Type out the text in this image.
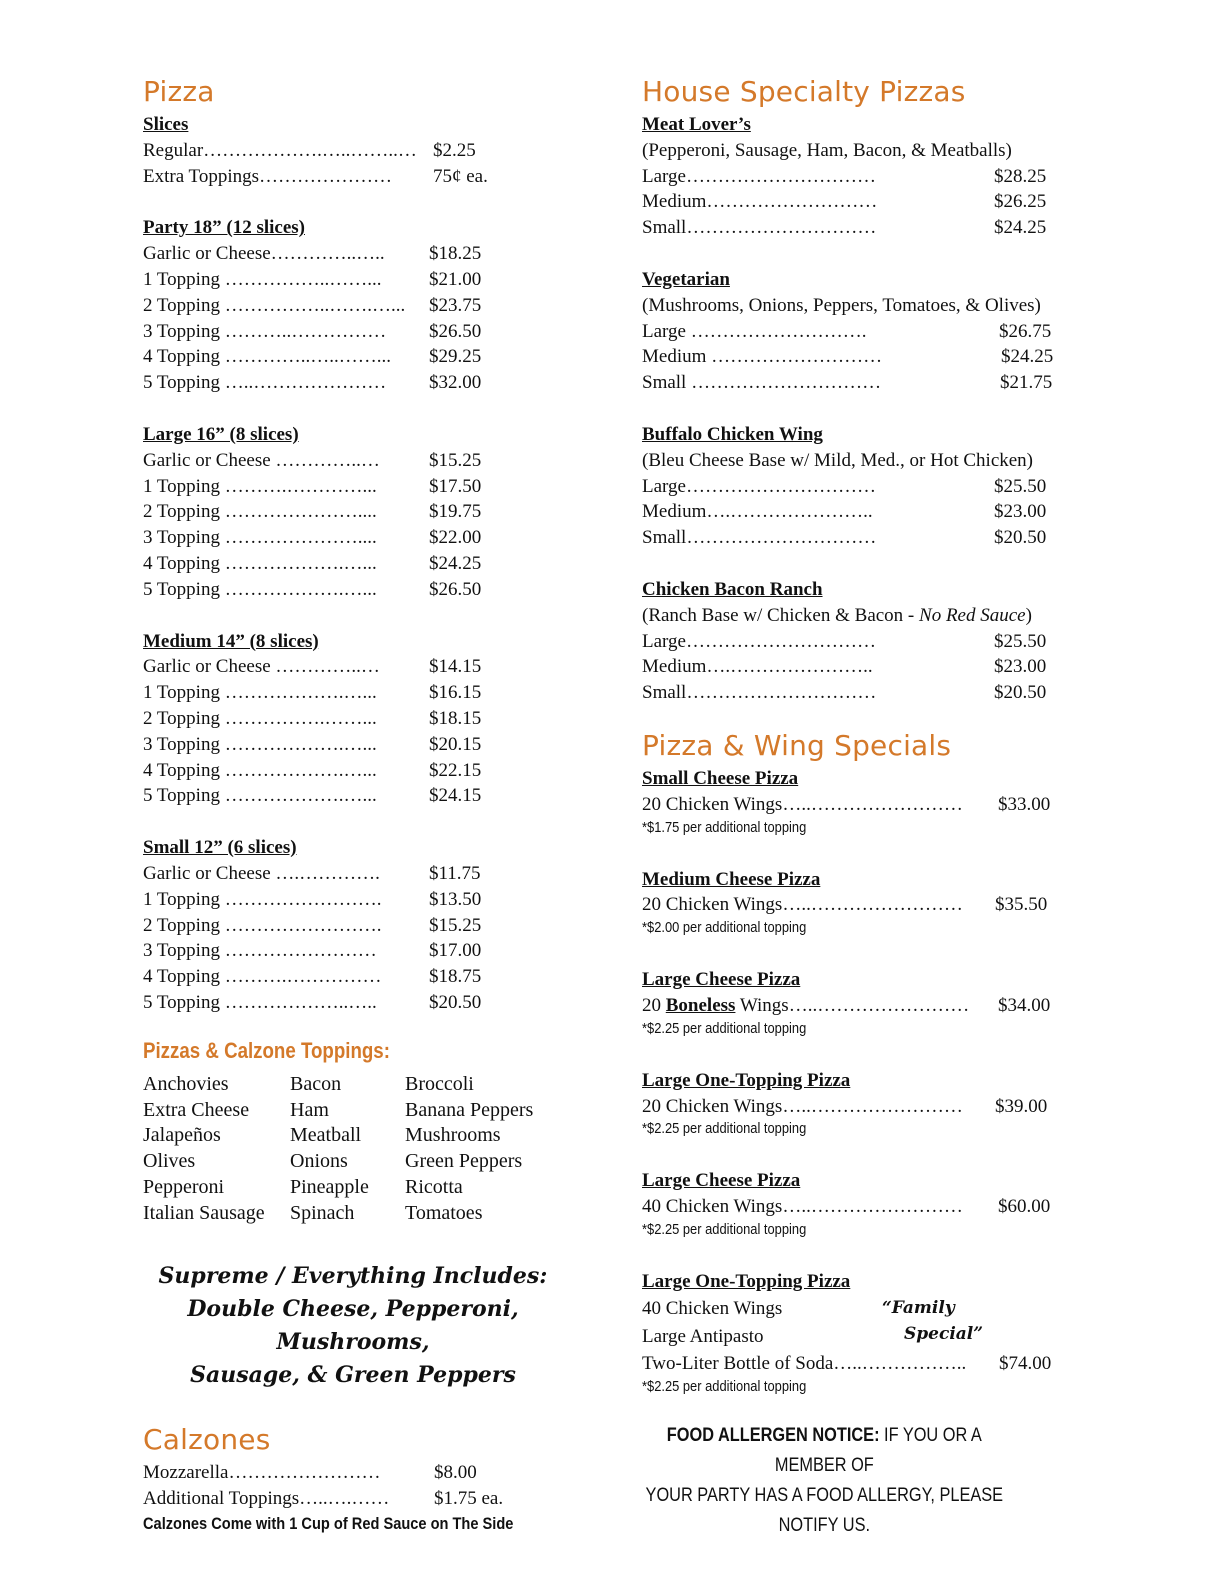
Pizza
Slices
Regular……………….…..……..… $2.25
Extra Toppings………………… 75¢ ea.
Party 18” (12 slices)
Garlic or Cheese…………..….. $18.25
1 Topping ……………..……...	$21.00
2 Topping ……………..…….…... $23.75
3 Topping ………..…………… $26.50
4 Topping …………..…..……... $29.25
5 Topping …..………………… $32.00
Large 16” (8 slices)
Garlic or Cheese …………..…	$15.25
1 Topping ……….…………...	$17.50
2 Topping …………………....	$19.75
3 Topping …………………....	$22.00
4 Topping ……………….…...	$24.25
5 Topping ……………….…...	$26.50
Medium 14” (8 slices)
Garlic or Cheese …………..…	$14.15
1 Topping ……………….…...	$16.15
2 Topping …………….……...	$18.15
3 Topping ……………….…...	$20.15
4 Topping ……………….…...	$22.15
5 Topping ……………….…...	$24.15
Small 12” (6 slices)
Garlic or Cheese ….………….	$11.75
1 Topping …………………….	$13.50
2 Topping …………………….	$15.25
3 Topping ……………………	$17.00
4 Topping ……….……………	$18.75
5 Topping ………………..…..	$20.50
Pizzas & Calzone Toppings:
Anchovies	Bacon	Broccoli
Extra Cheese	Ham	Banana Peppers
Jalapeños	Meatball	Mushrooms
Olives	Onions	Green Peppers
Pepperoni	Pineapple	Ricotta
Italian Sausage	Spinach	Tomatoes
Supreme / Everything Includes:
Double Cheese, Pepperoni, Mushrooms,
Sausage, & Green Peppers
Calzones
Mozzarella……………………	$8.00
Additional Toppings…..….…… $1.75 ea.
Calzones Come with 1 Cup of Red Sauce on The Side
House Specialty Pizzas
Meat Lover’s
(Pepperoni, Sausage, Ham, Bacon, & Meatballs)
Large…………………………	$28.25
Medium………………………	$26.25
Small…………………………	$24.25
Vegetarian
(Mushrooms, Onions, Peppers, Tomatoes, & Olives)
Large ……………………….	$26.75
Medium ………………………	$24.25
Small …………………………	$21.75
Buffalo Chicken Wing
(Bleu Cheese Base w/ Mild, Med., or Hot Chicken)
Large…………………………	$25.50
Medium….…………………..	$23.00
Small…………………………	$20.50
Chicken Bacon Ranch
(Ranch Base w/ Chicken & Bacon - No Red Sauce)
Large…………………………	$25.50
Medium….…………………..	$23.00
Small…………………………	$20.50
Pizza & Wing Specials
Small Cheese Pizza
20 Chicken Wings…..…………………… $33.00
*$1.75 per additional topping
Medium Cheese Pizza
20 Chicken Wings…..…………………… $35.50
*$2.00 per additional topping
Large Cheese Pizza
20 Boneless Wings…..…………………… $34.00
*$2.25 per additional topping
Large One-Topping Pizza
20 Chicken Wings…..…………………… $39.00
*$2.25 per additional topping
Large Cheese Pizza
40 Chicken Wings…..…………………… $60.00
*$2.25 per additional topping
Large One-Topping Pizza
40 Chicken Wings
Large Antipasto
“Family
Special”
Two-Liter Bottle of Soda…..…………….. $74.00
*$2.25 per additional topping
FOOD ALLERGEN NOTICE: IF YOU OR A MEMBER OF
YOUR PARTY HAS A FOOD ALLERGY, PLEASE NOTIFY US.
